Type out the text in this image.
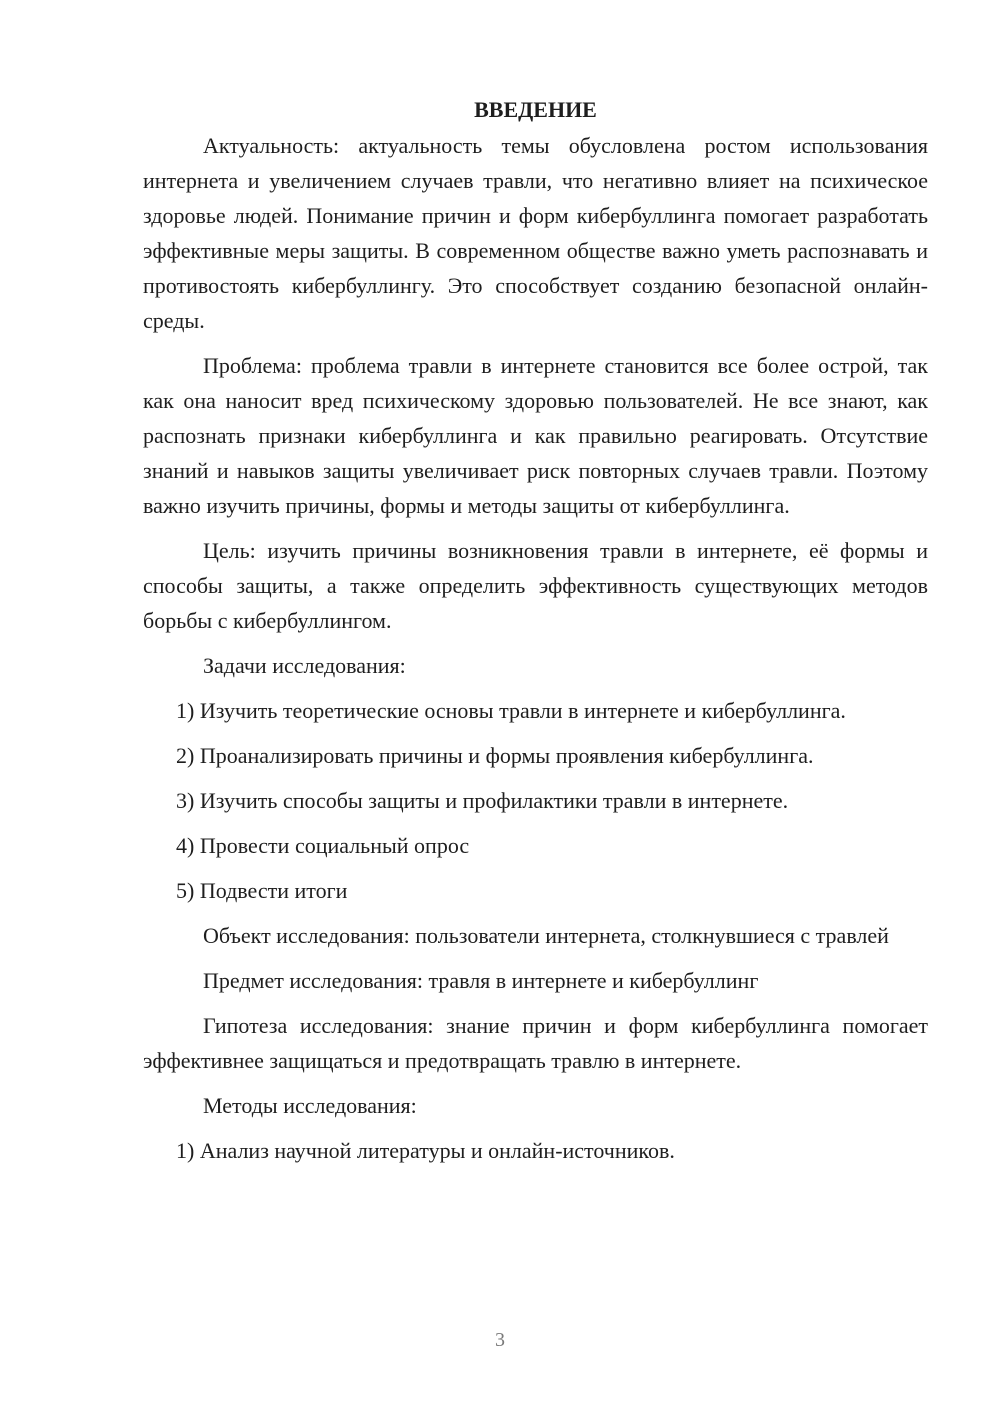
ВВЕДЕНИЕ

Актуальность: актуальность темы обусловлена ростом использования интернета и увеличением случаев травли, что негативно влияет на психическое здоровье людей. Понимание причин и форм кибербуллинга помогает разработать эффективные меры защиты. В современном обществе важно уметь распознавать и противостоять кибербуллингу. Это способствует созданию безопасной онлайн-среды.

Проблема: проблема травли в интернете становится все более острой, так как она наносит вред психическому здоровью пользователей. Не все знают, как распознать признаки кибербуллинга и как правильно реагировать. Отсутствие знаний и навыков защиты увеличивает риск повторных случаев травли. Поэтому важно изучить причины, формы и методы защиты от кибербуллинга.

Цель: изучить причины возникновения травли в интернете, её формы и способы защиты, а также определить эффективность существующих методов борьбы с кибербуллингом.

Задачи исследования:

1) Изучить теоретические основы травли в интернете и кибербуллинга.

2) Проанализировать причины и формы проявления кибербуллинга.

3) Изучить способы защиты и профилактики травли в интернете.

4) Провести социальный опрос

5) Подвести итоги

Объект исследования: пользователи интернета, столкнувшиеся с травлей

Предмет исследования: травля в интернете и кибербуллинг

Гипотеза исследования: знание причин и форм кибербуллинга помогает эффективнее защищаться и предотвращать травлю в интернете.

Методы исследования:

1) Анализ научной литературы и онлайн-источников.

3
